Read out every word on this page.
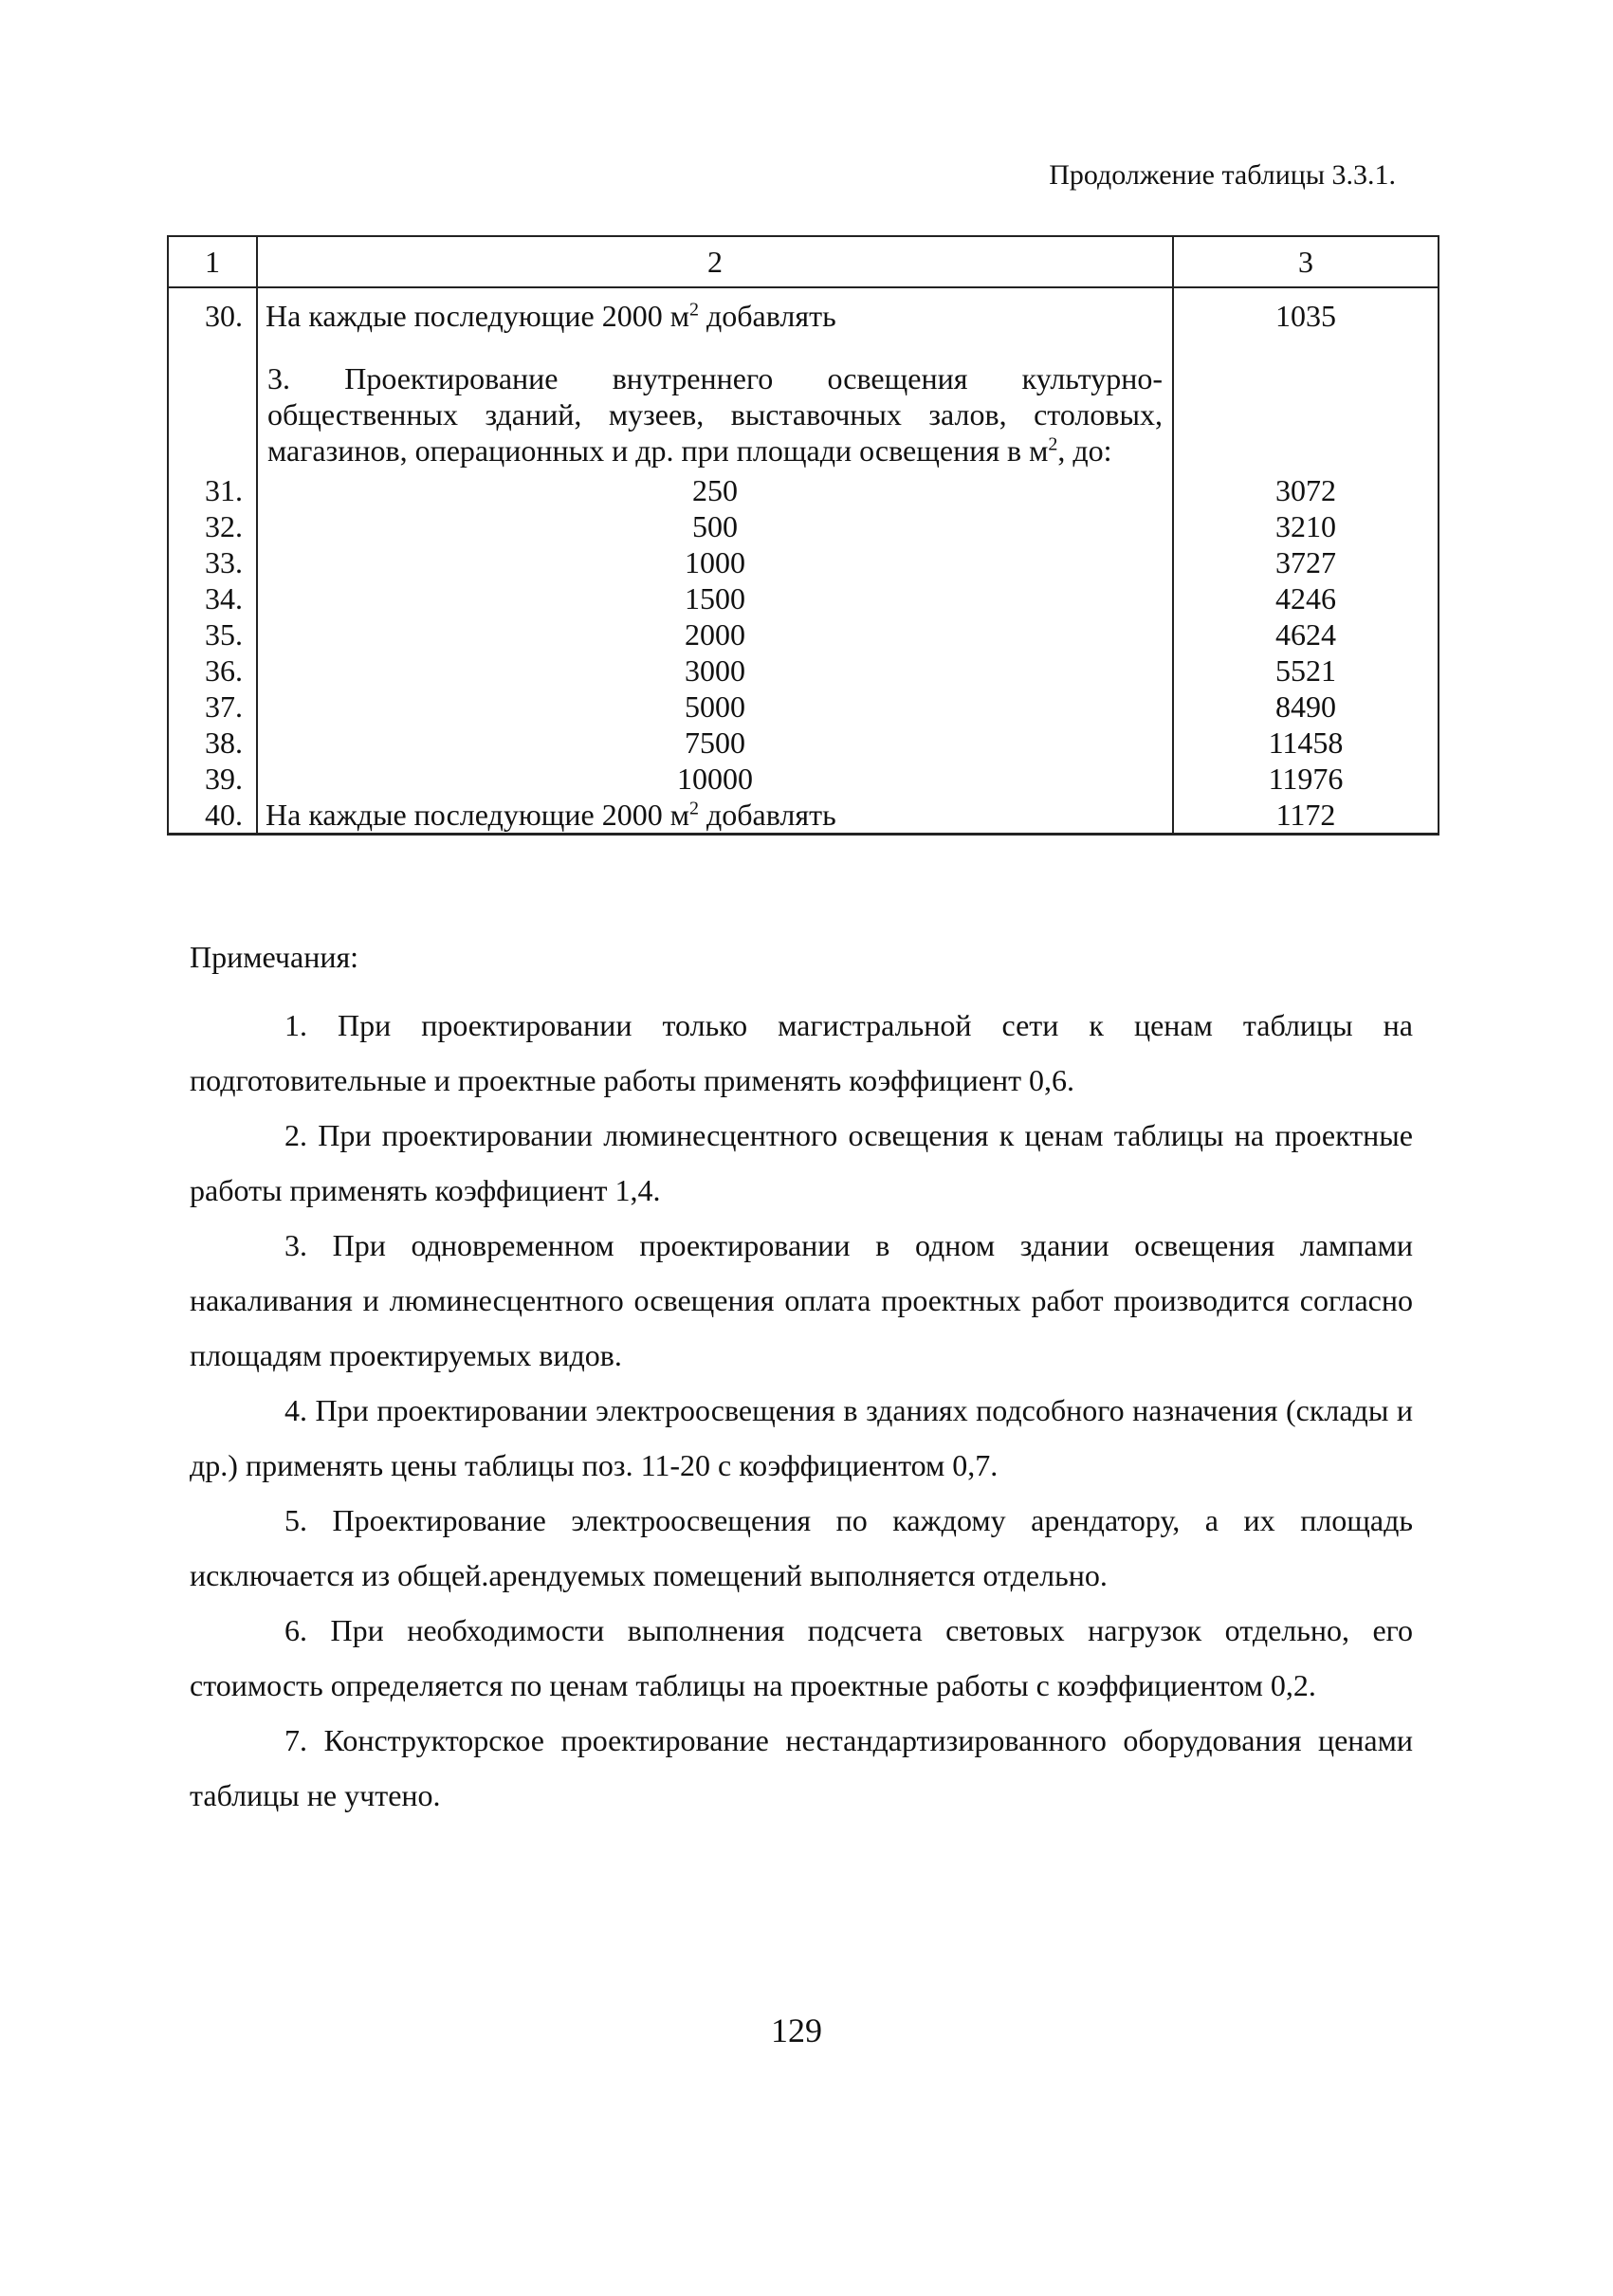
Продолжение таблицы 3.3.1.
1	2	3
30.	На каждые последующие 2000 $м^2$ добавлять	1035
	3. Проектирование внутреннего освещения культурно-общественных зданий, музеев, выставочных залов, столовых, магазинов, операционных и др. при площади освещения в $м^2$, до:	
31.	250	3072
32.	500	3210
33.	1000	3727
34.	1500	4246
35.	2000	4624
36.	3000	5521
37.	5000	8490
38.	7500	11458
39.	10000	11976
40.	На каждые последующие 2000 $м^2$ добавлять	1172
Примечания:

1. При проектировании только магистральной сети к ценам таблицы на подготовительные и проектные работы применять коэффициент 0,6.

2. При проектировании люминесцентного освещения к ценам таблицы на проектные работы применять коэффициент 1,4.

3. При одновременном проектировании в одном здании освещения лампами накаливания и люминесцентного освещения оплата проектных работ производится согласно площадям проектируемых видов.

4. При проектировании электроосвещения в зданиях подсобного назначения (склады и др.) применять цены таблицы поз. 11-20 с коэффициентом 0,7.

5. Проектирование электроосвещения по каждому арендатору, а их площадь исключается из общей.арендуемых помещений выполняется отдельно.

6. При необходимости выполнения подсчета световых нагрузок отдельно, его стоимость определяется по ценам таблицы на проектные работы с коэффициентом 0,2.

7. Конструкторское проектирование нестандартизированного оборудования ценами таблицы не учтено.

129
